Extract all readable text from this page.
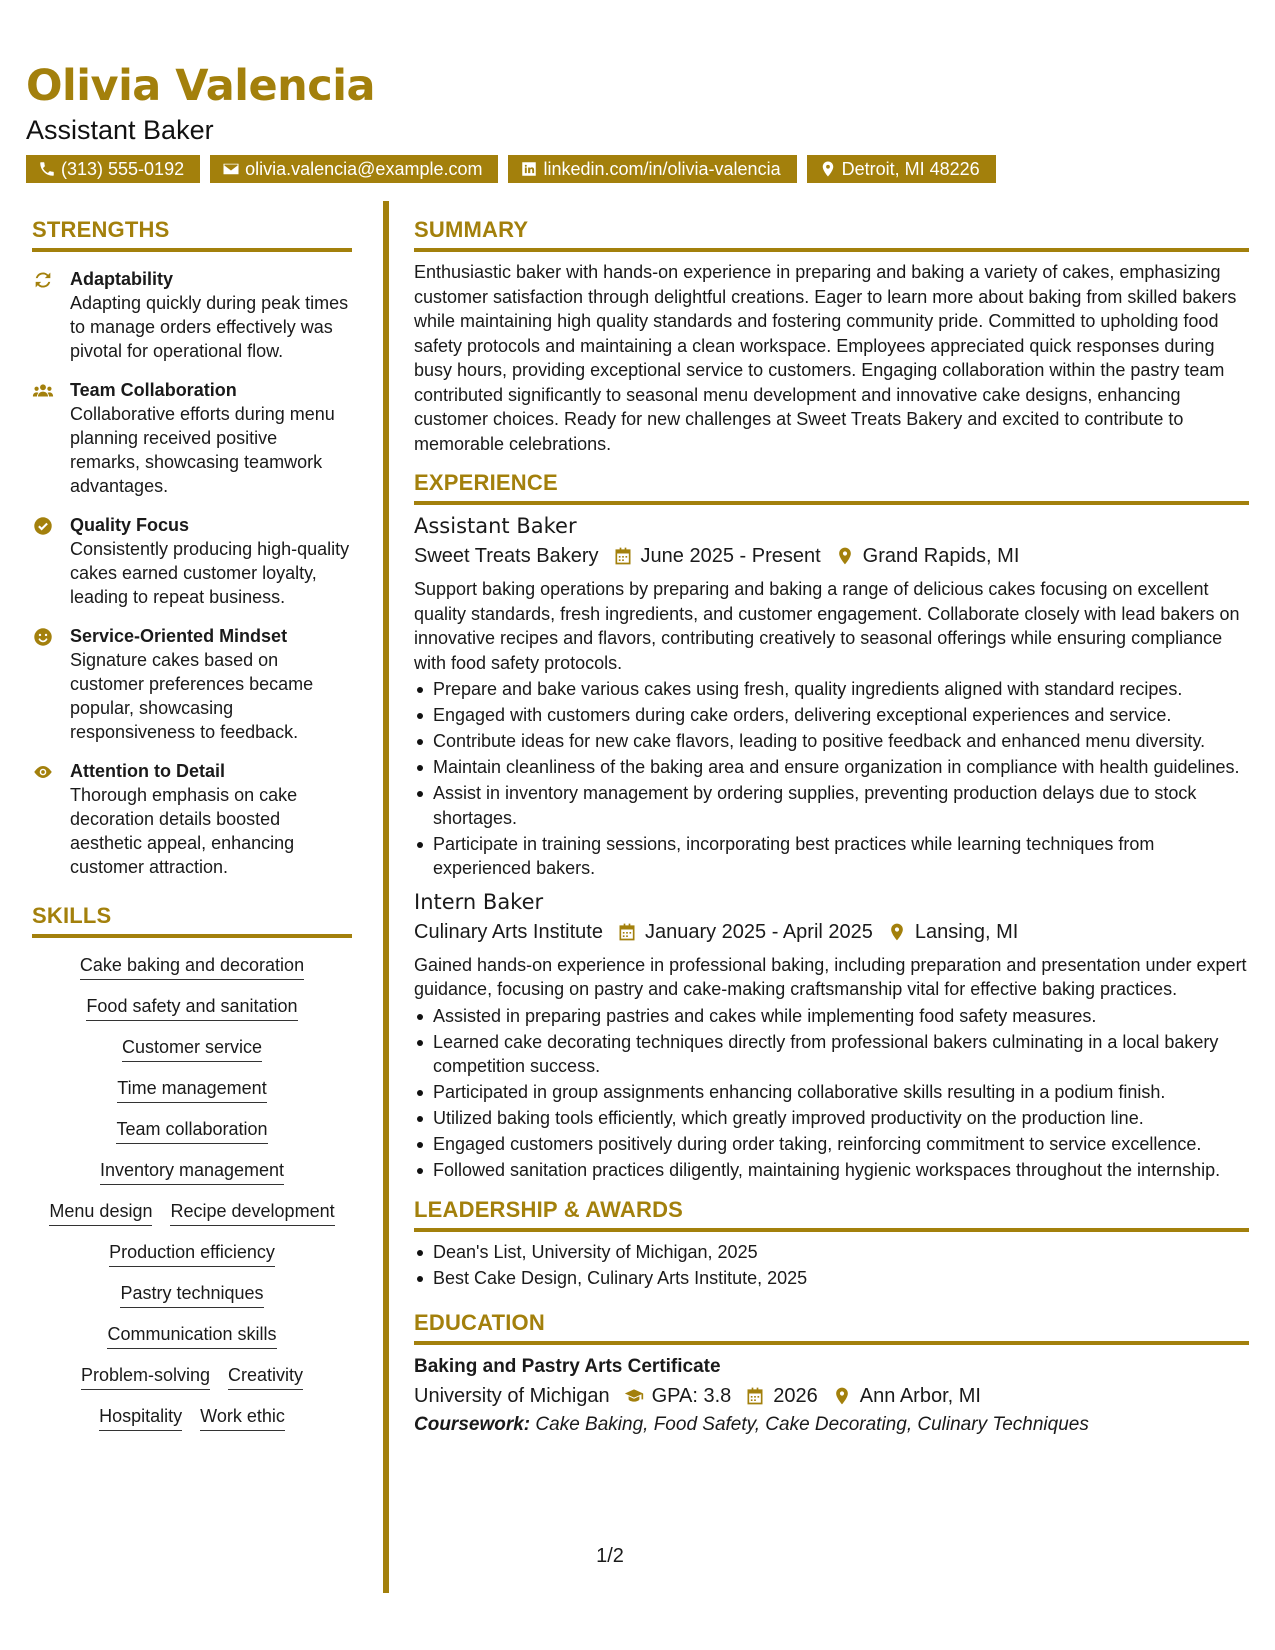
Olivia Valencia
Assistant Baker
(313) 555-0192	olivia.valencia@example.com	linkedin.com/in/olivia-valencia	Detroit, MI 48226
STRENGTHS
Adaptability
Adapting quickly during peak times to manage orders effectively was pivotal for operational flow.
Team Collaboration
Collaborative efforts during menu planning received positive remarks, showcasing teamwork advantages.
Quality Focus
Consistently producing high-quality cakes earned customer loyalty, leading to repeat business.
Service-Oriented Mindset
Signature cakes based on customer preferences became popular, showcasing responsiveness to feedback.
Attention to Detail
Thorough emphasis on cake decoration details boosted aesthetic appeal, enhancing customer attraction.
SKILLS
Cake baking and decoration
Food safety and sanitation
Customer service
Time management
Team collaboration
Inventory management
Menu design Recipe development
Production efficiency
Pastry techniques
Communication skills
Problem-solving Creativity
Hospitality Work ethic
SUMMARY
Enthusiastic baker with hands-on experience in preparing and baking a variety of cakes, emphasizing customer satisfaction through delightful creations. Eager to learn more about baking from skilled bakers while maintaining high quality standards and fostering community pride. Committed to upholding food safety protocols and maintaining a clean workspace. Employees appreciated quick responses during busy hours, providing exceptional service to customers. Engaging collaboration within the pastry team contributed significantly to seasonal menu development and innovative cake designs, enhancing customer choices. Ready for new challenges at Sweet Treats Bakery and excited to contribute to memorable celebrations.
EXPERIENCE
Assistant Baker
Sweet Treats Bakery June 2025 - Present Grand Rapids, MI
Support baking operations by preparing and baking a range of delicious cakes focusing on excellent quality standards, fresh ingredients, and customer engagement. Collaborate closely with lead bakers on innovative recipes and flavors, contributing creatively to seasonal offerings while ensuring compliance with food safety protocols.
Prepare and bake various cakes using fresh, quality ingredients aligned with standard recipes.
Engaged with customers during cake orders, delivering exceptional experiences and service.
Contribute ideas for new cake flavors, leading to positive feedback and enhanced menu diversity.
Maintain cleanliness of the baking area and ensure organization in compliance with health guidelines.
Assist in inventory management by ordering supplies, preventing production delays due to stock shortages.
Participate in training sessions, incorporating best practices while learning techniques from experienced bakers.
Intern Baker
Culinary Arts Institute January 2025 - April 2025 Lansing, MI
Gained hands-on experience in professional baking, including preparation and presentation under expert guidance, focusing on pastry and cake-making craftsmanship vital for effective baking practices.
Assisted in preparing pastries and cakes while implementing food safety measures.
Learned cake decorating techniques directly from professional bakers culminating in a local bakery competition success.
Participated in group assignments enhancing collaborative skills resulting in a podium finish.
Utilized baking tools efficiently, which greatly improved productivity on the production line.
Engaged customers positively during order taking, reinforcing commitment to service excellence.
Followed sanitation practices diligently, maintaining hygienic workspaces throughout the internship.
LEADERSHIP & AWARDS
Dean's List, University of Michigan, 2025
Best Cake Design, Culinary Arts Institute, 2025
EDUCATION
Baking and Pastry Arts Certificate
University of Michigan GPA: 3.8 2026 Ann Arbor, MI
Coursework: Cake Baking, Food Safety, Cake Decorating, Culinary Techniques
1/2
